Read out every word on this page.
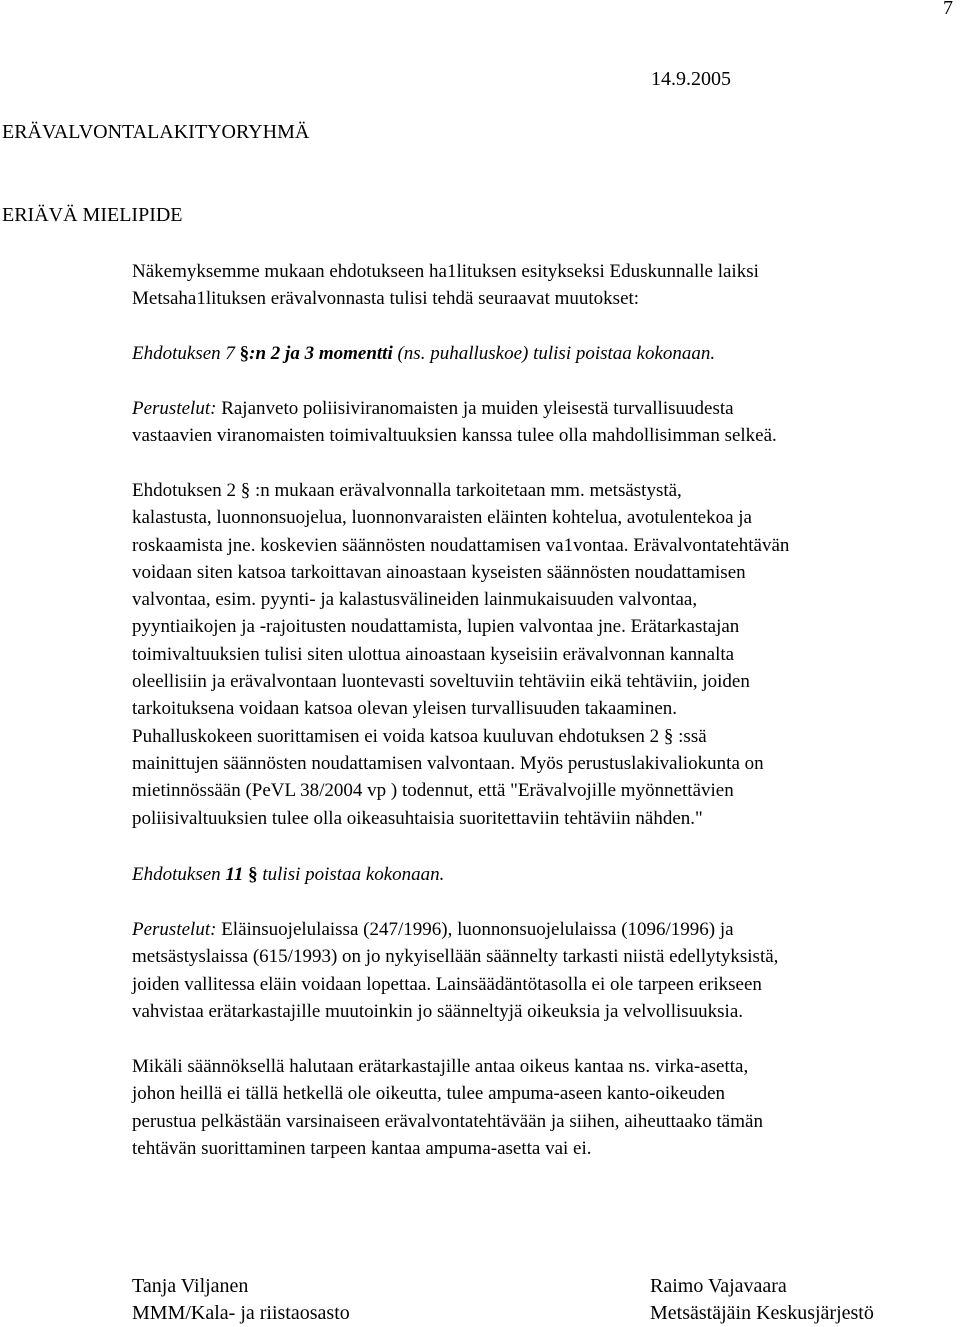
7
14.9.2005
ERÄVALVONTALAKITYORYHMÄ
ERIÄVÄ MIELIPIDE
Näkemyksemme mukaan ehdotukseen ha1lituksen esitykseksi Eduskunnalle laiksi
Metsaha1lituksen erävalvonnasta tulisi tehdä seuraavat muutokset:
Ehdotuksen 7 §:n 2 ja 3 momentti (ns. puhalluskoe) tulisi poistaa kokonaan.
Perustelut: Rajanveto poliisiviranomaisten ja muiden yleisestä turvallisuudesta
vastaavien viranomaisten toimivaltuuksien kanssa tulee olla mahdollisimman selkeä.
Ehdotuksen 2 § :n mukaan erävalvonnalla tarkoitetaan mm. metsästystä,
kalastusta, luonnonsuojelua, luonnonvaraisten eläinten kohtelua, avotulentekoa ja
roskaamista jne. koskevien säännösten noudattamisen va1vontaa. Erävalvontatehtävän
voidaan siten katsoa tarkoittavan ainoastaan kyseisten säännösten noudattamisen
valvontaa, esim. pyynti- ja kalastusvälineiden lainmukaisuuden valvontaa,
pyyntiaikojen ja -rajoitusten noudattamista, lupien valvontaa jne. Erätarkastajan
toimivaltuuksien tulisi siten ulottua ainoastaan kyseisiin erävalvonnan kannalta
oleellisiin ja erävalvontaan luontevasti soveltuviin tehtäviin eikä tehtäviin, joiden
tarkoituksena voidaan katsoa olevan yleisen turvallisuuden takaaminen.
Puhalluskokeen suorittamisen ei voida katsoa kuuluvan ehdotuksen 2 § :ssä
mainittujen säännösten noudattamisen valvontaan. Myös perustuslakivaliokunta on
mietinnössään (PeVL 38/2004 vp ) todennut, että "Erävalvojille myönnettävien
poliisivaltuuksien tulee olla oikeasuhtaisia suoritettaviin tehtäviin nähden."
Ehdotuksen 11 § tulisi poistaa kokonaan.
Perustelut: Eläinsuojelulaissa (247/1996), luonnonsuojelulaissa (1096/1996) ja
metsästyslaissa (615/1993) on jo nykyisellään säännelty tarkasti niistä edellytyksistä,
joiden vallitessa eläin voidaan lopettaa. Lainsäädäntötasolla ei ole tarpeen erikseen
vahvistaa erätarkastajille muutoinkin jo säänneltyjä oikeuksia ja velvollisuuksia.
Mikäli säännöksellä halutaan erätarkastajille antaa oikeus kantaa ns. virka-asetta,
johon heillä ei tällä hetkellä ole oikeutta, tulee ampuma-aseen kanto-oikeuden
perustua pelkästään varsinaiseen erävalvontatehtävään ja siihen, aiheuttaako tämän
tehtävän suorittaminen tarpeen kantaa ampuma-asetta vai ei.
Tanja Viljanen
MMM/Kala- ja riistaosasto
Raimo Vajavaara
Metsästäjäin Keskusjärjestö
